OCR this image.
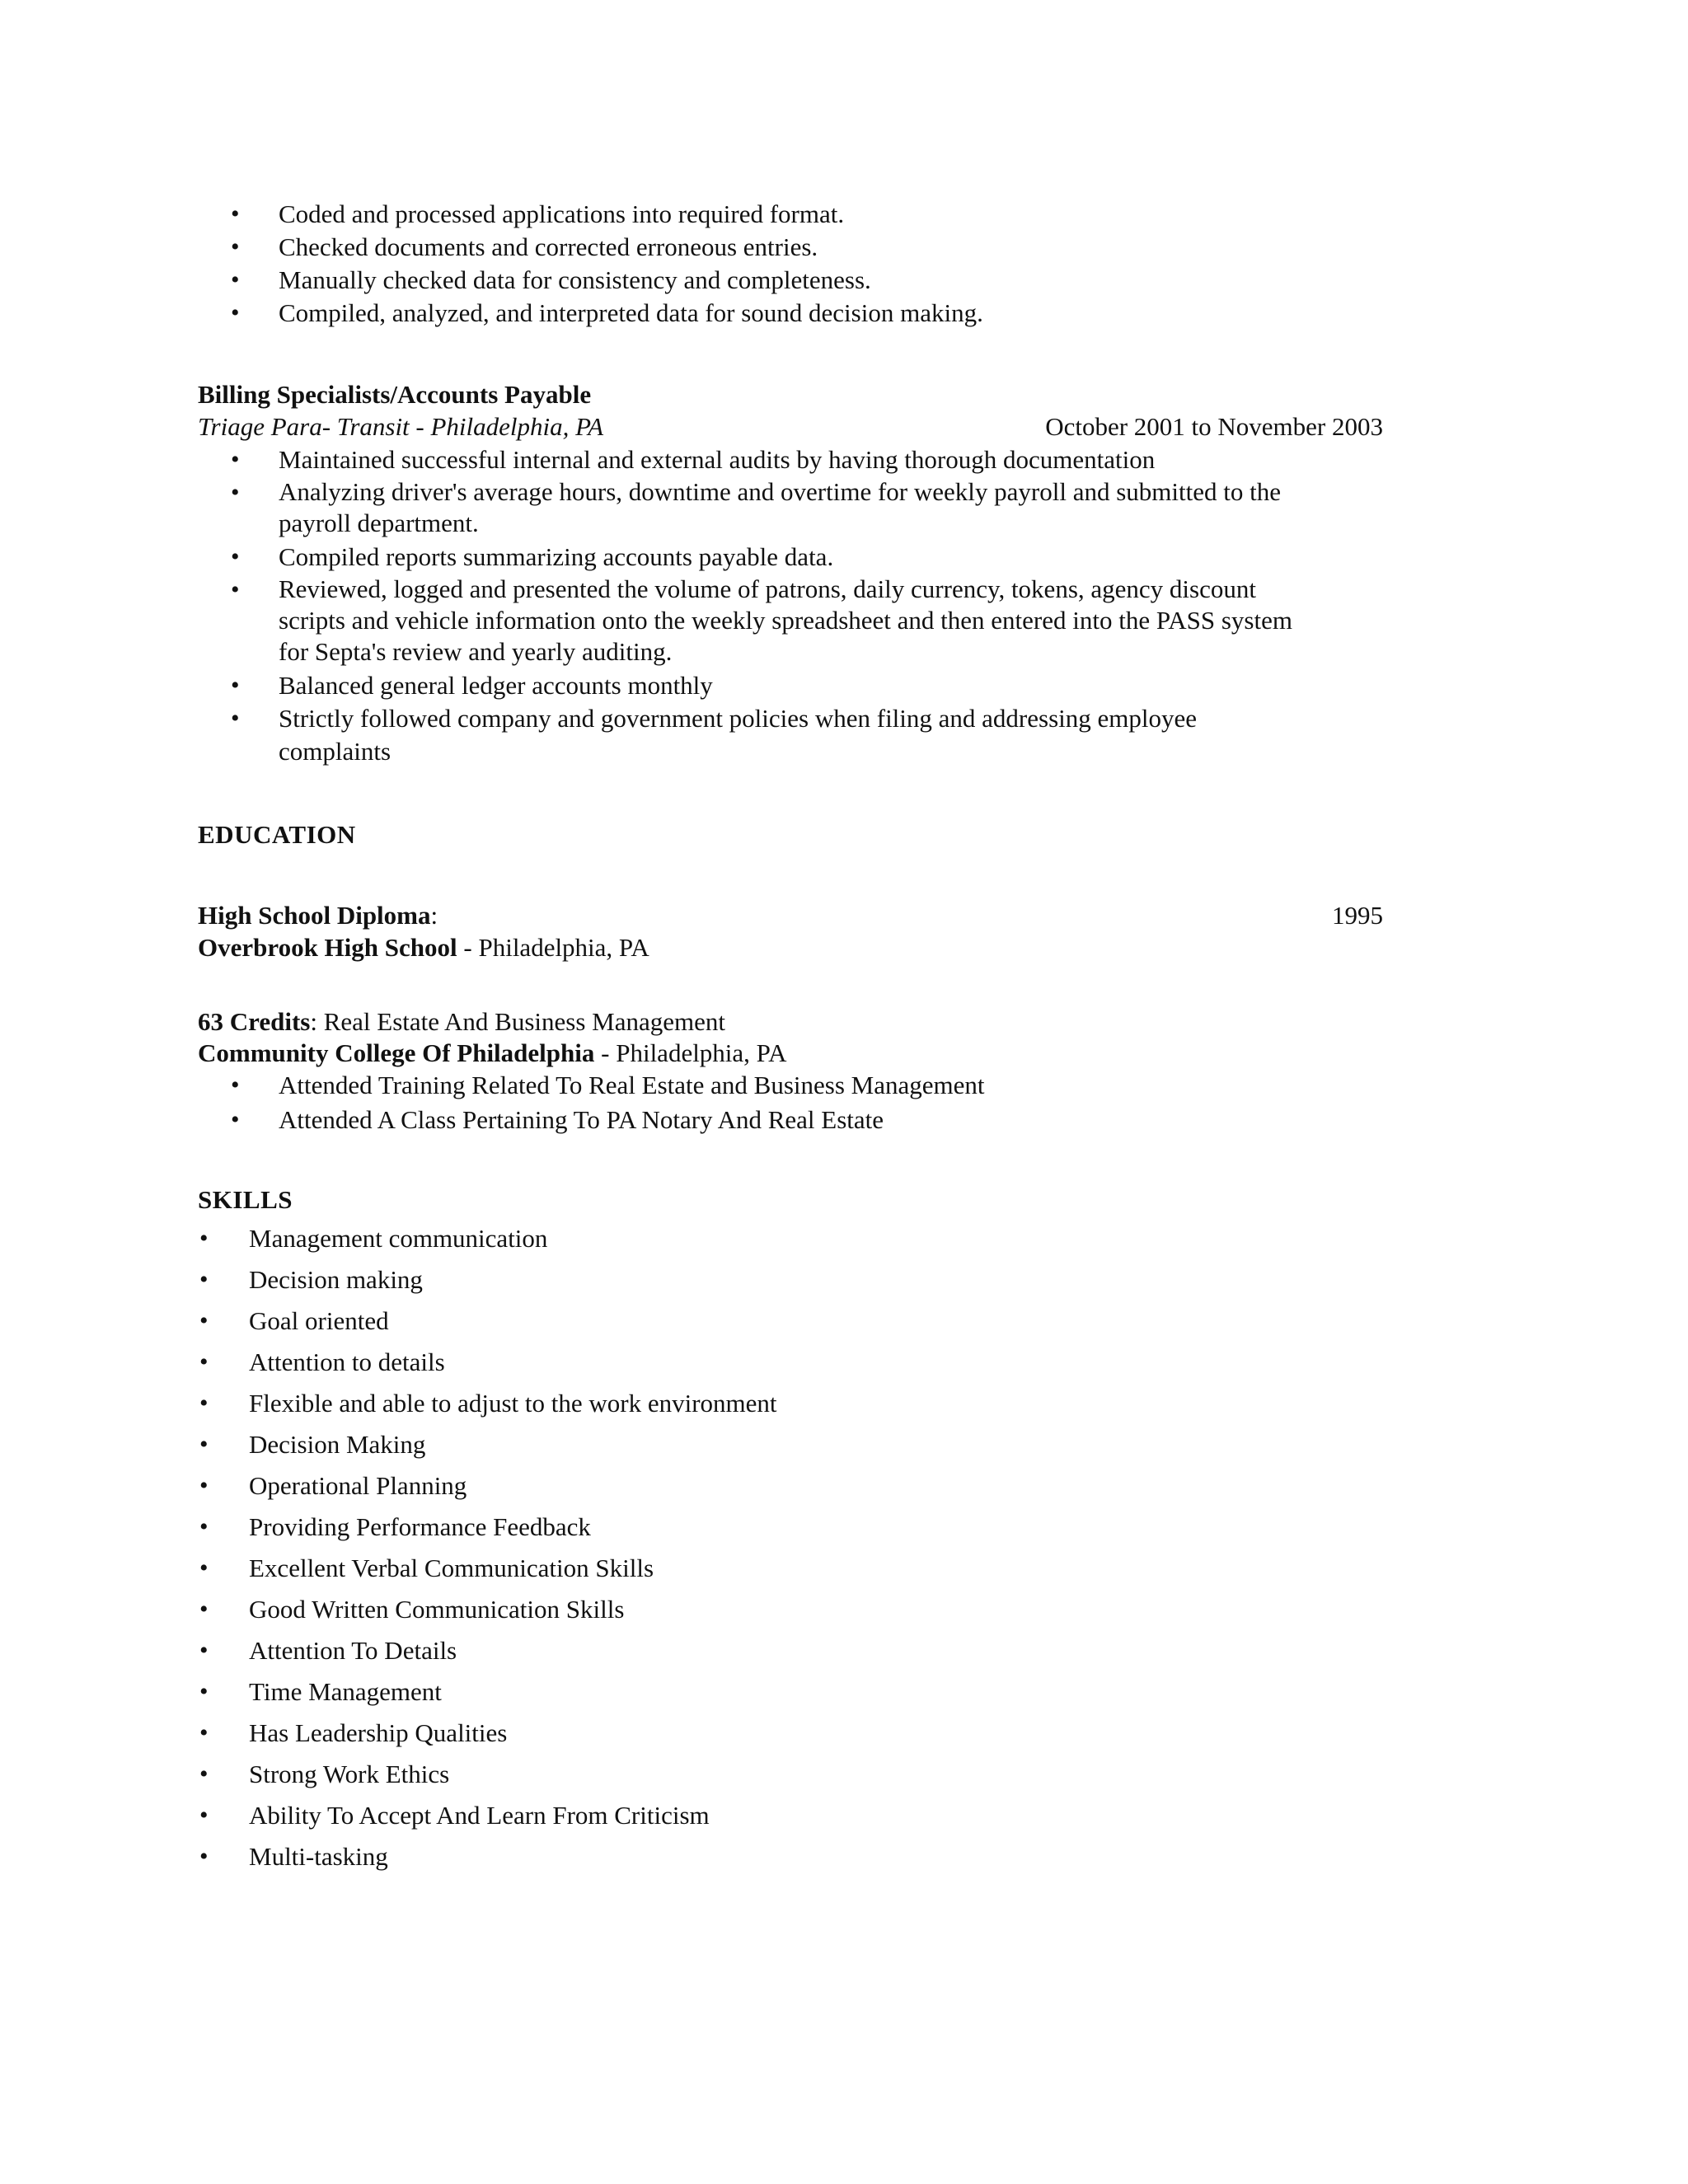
• Coded and processed applications into required format.
• Checked documents and corrected erroneous entries.
• Manually checked data for consistency and completeness.
• Compiled, analyzed, and interpreted data for sound decision making.
Billing Specialists/Accounts Payable
Triage Para- Transit - Philadelphia, PA	October 2001 to November 2003
• Maintained successful internal and external audits by having thorough documentation
• Analyzing driver's average hours, downtime and overtime for weekly payroll and submitted to the
payroll department.
• Compiled reports summarizing accounts payable data.
• Reviewed, logged and presented the volume of patrons, daily currency, tokens, agency discount
scripts and vehicle information onto the weekly spreadsheet and then entered into the PASS system
for Septa's review and yearly auditing.
• Balanced general ledger accounts monthly
• Strictly followed company and government policies when filing and addressing employee
complaints
EDUCATION
High School Diploma:	1995
Overbrook High School - Philadelphia, PA
63 Credits: Real Estate And Business Management
Community College Of Philadelphia - Philadelphia, PA
• Attended Training Related To Real Estate and Business Management
• Attended A Class Pertaining To PA Notary And Real Estate
SKILLS
• Management communication
• Decision making
• Goal oriented
• Attention to details
• Flexible and able to adjust to the work environment
• Decision Making
• Operational Planning
• Providing Performance Feedback
• Excellent Verbal Communication Skills
• Good Written Communication Skills
• Attention To Details
• Time Management
• Has Leadership Qualities
• Strong Work Ethics
• Ability To Accept And Learn From Criticism
• Multi-tasking
